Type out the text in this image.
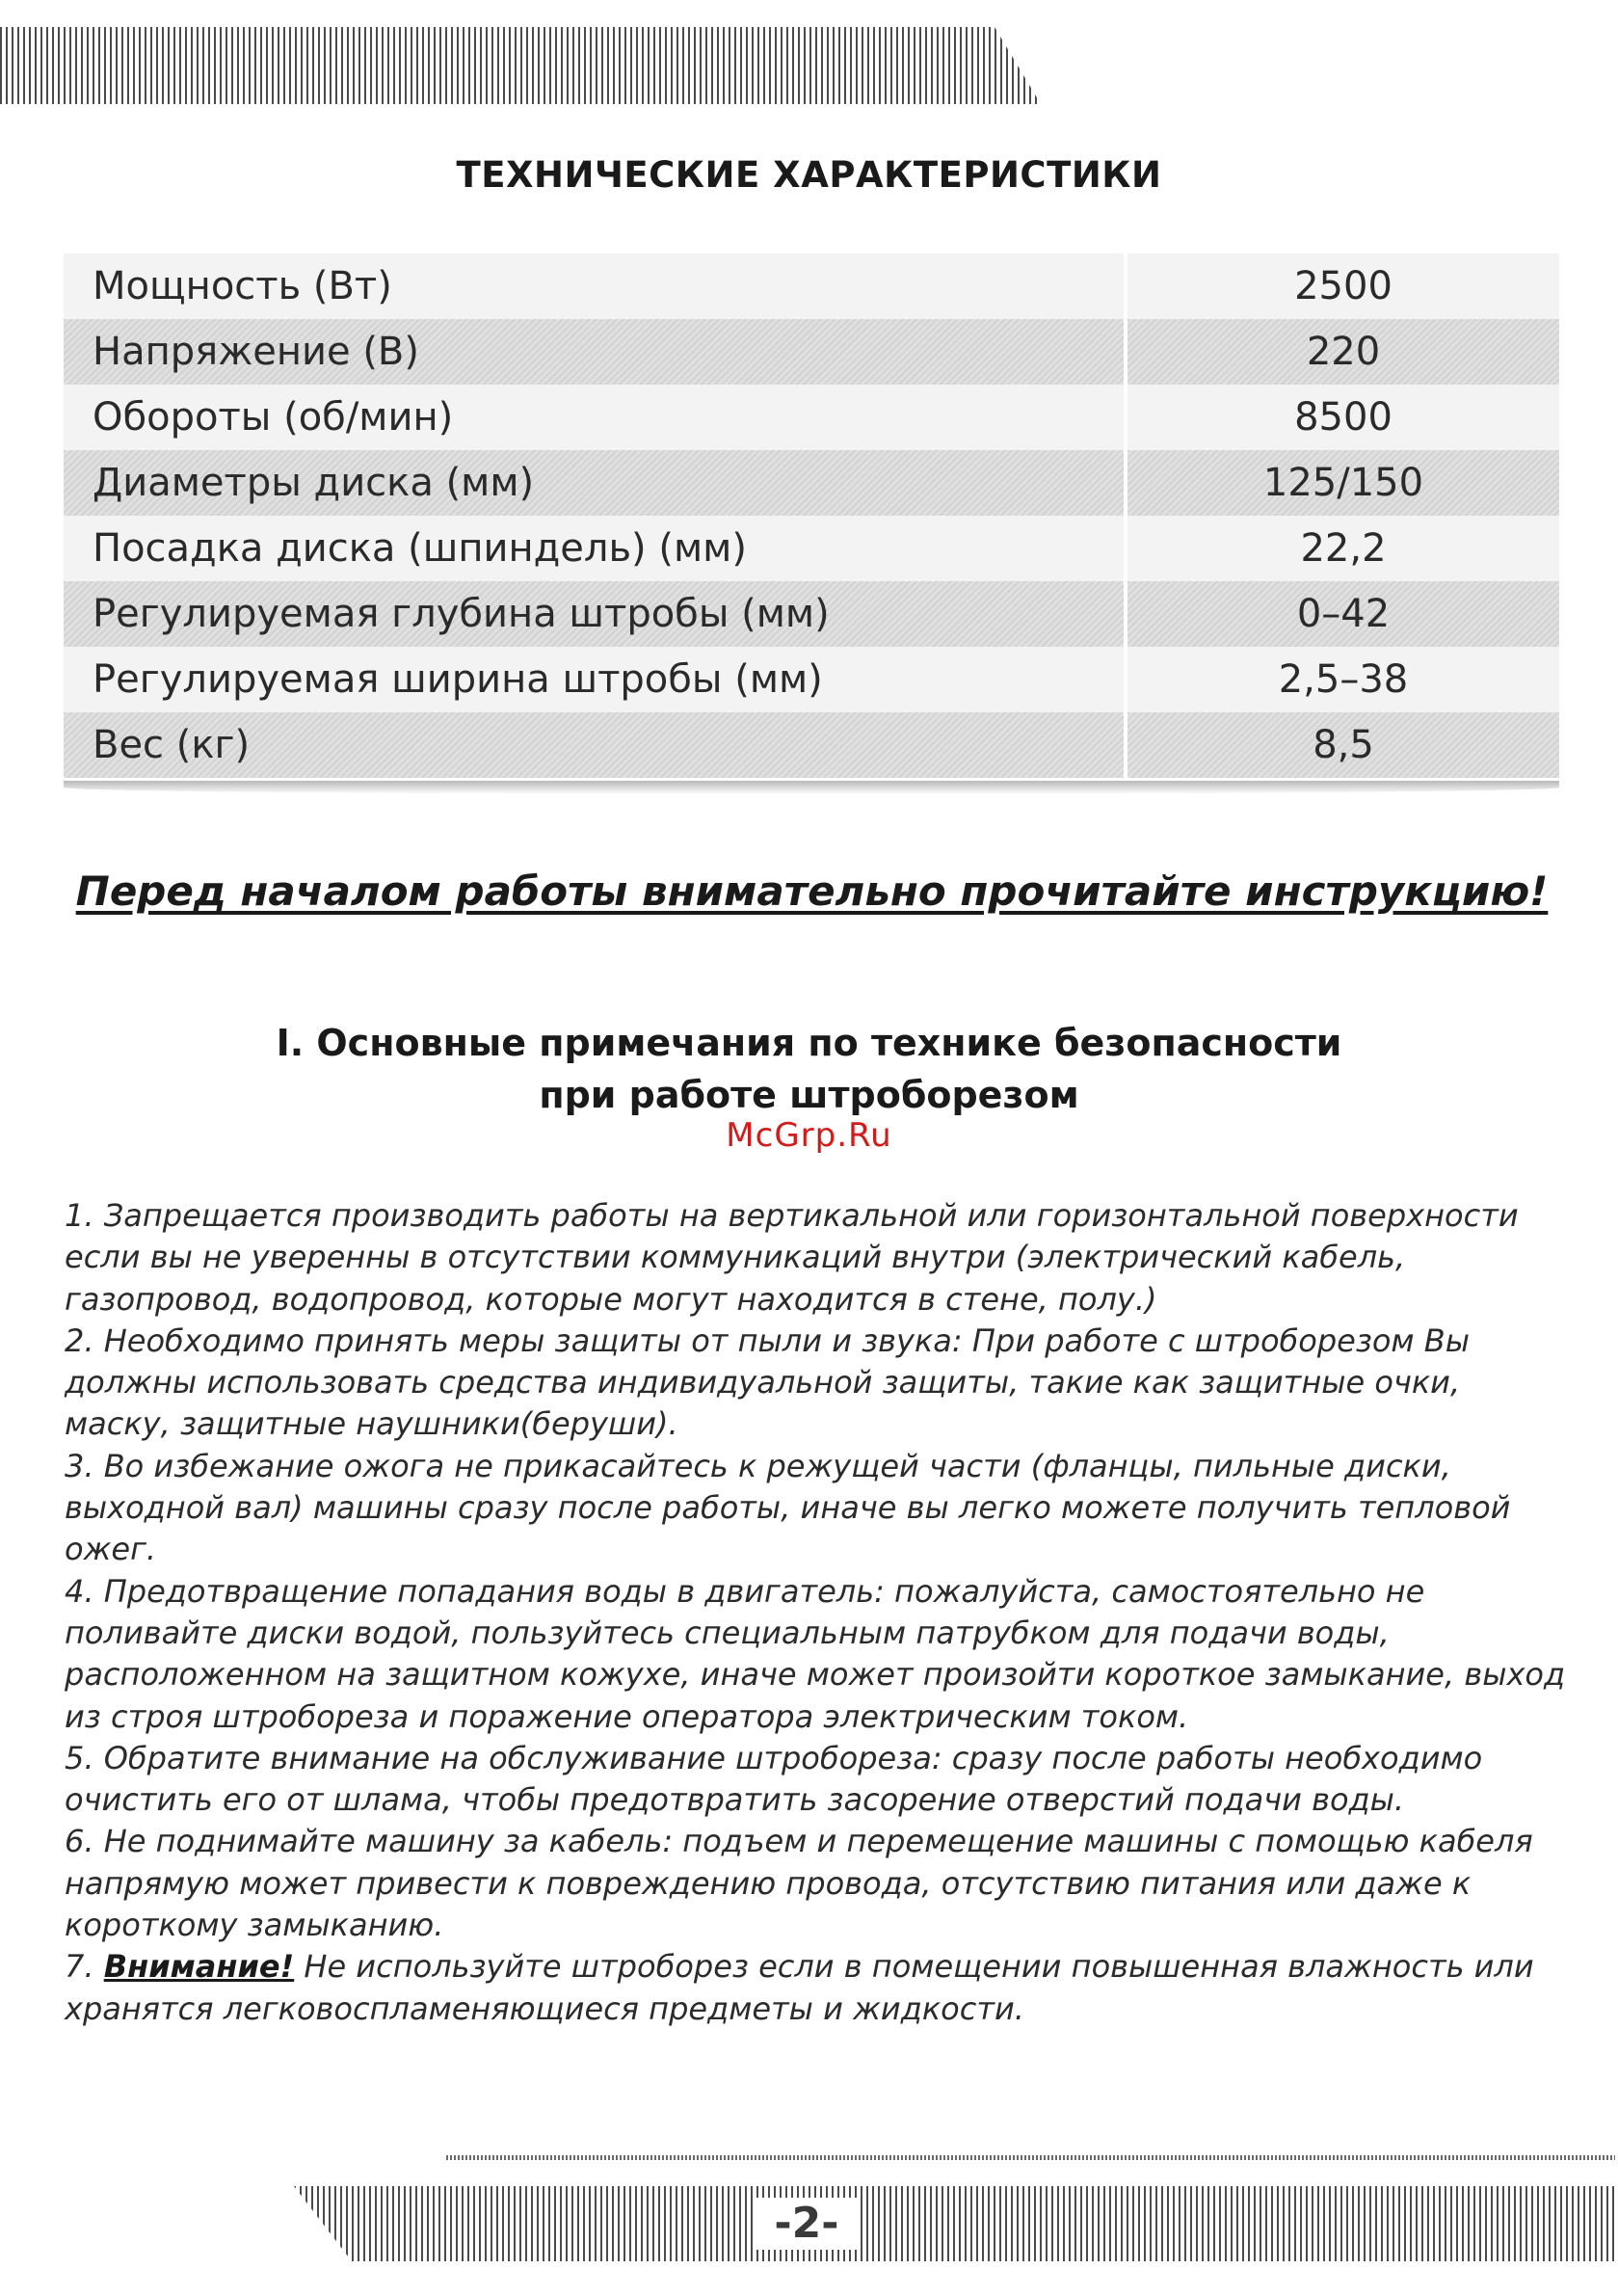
ТЕХНИЧЕСКИЕ ХАРАКТЕРИСТИКИ
Мощность (Вт)	2500
Напряжение (В)	220
Обороты (об/мин)	8500
Диаметры диска (мм)	125/150
Посадка диска (шпиндель) (мм)	22,2
Регулируемая глубина штробы (мм)	0–42
Регулируемая ширина штробы (мм)	2,5–38
Вес (кг)	8,5
Перед началом работы внимательно прочитайте инструкцию!
I. Основные примечания по технике безопасности
при работе штроборезом
McGrp.Ru

1. Запрещается производить работы на вертикальной или горизонтальной поверхности если вы не уверенны в отсутствии коммуникаций внутри (электрический кабель, газопровод, водопровод, которые могут находится в стене, полу.)

2. Необходимо принять меры защиты от пыли и звука: При работе с штроборезом Вы должны использовать средства индивидуальной защиты, такие как защитные очки, маску, защитные наушники(беруши).

3. Во избежание ожога не прикасайтесь к режущей части (фланцы, пильные диски, выходной вал) машины сразу после работы, иначе вы легко можете получить тепловой ожег.

4. Предотвращение попадания воды в двигатель: пожалуйста, самостоятельно не поливайте диски водой, пользуйтесь специальным патрубком для подачи воды, расположенном на защитном кожухе, иначе может произойти короткое замыкание, выход из строя штробореза и поражение оператора электрическим током.

5. Обратите внимание на обслуживание штробореза: сразу после работы необходимо очистить его от шлама, чтобы предотвратить засорение отверстий подачи воды.

6. Не поднимайте машину за кабель: подъем и перемещение машины с помощью кабеля напрямую может привести к повреждению провода, отсутствию питания или даже к короткому замыканию.

7. Внимание! Не используйте штроборез если в помещении повышенная влажность или хранятся легковоспламеняющиеся предметы и жидкости.

-2-
